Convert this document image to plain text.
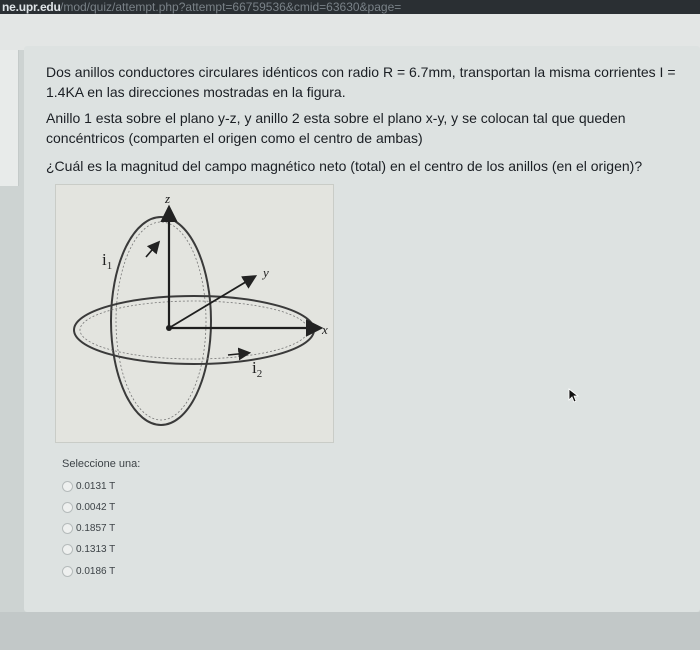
ne.upr.edu /mod/quiz/attempt.php?attempt=66759536&cmid=63630&page=
Dos anillos conductores circulares idénticos con radio R = 6.7mm, transportan la misma corrientes I = 1.4KA en las direcciones mostradas en la figura.
Anillo 1 esta sobre el plano y-z, y anillo 2 esta sobre el plano x-y, y se colocan tal que queden concéntricos (comparten el origen como el centro de ambas)
¿Cuál es la magnitud del campo magnético neto (total) en el centro de los anillos (en el origen)?
z
y
x
$i_1$
$i_2$
Seleccione una:
0.0131 T
0.0042 T
0.1857 T
0.1313 T
0.0186 T
